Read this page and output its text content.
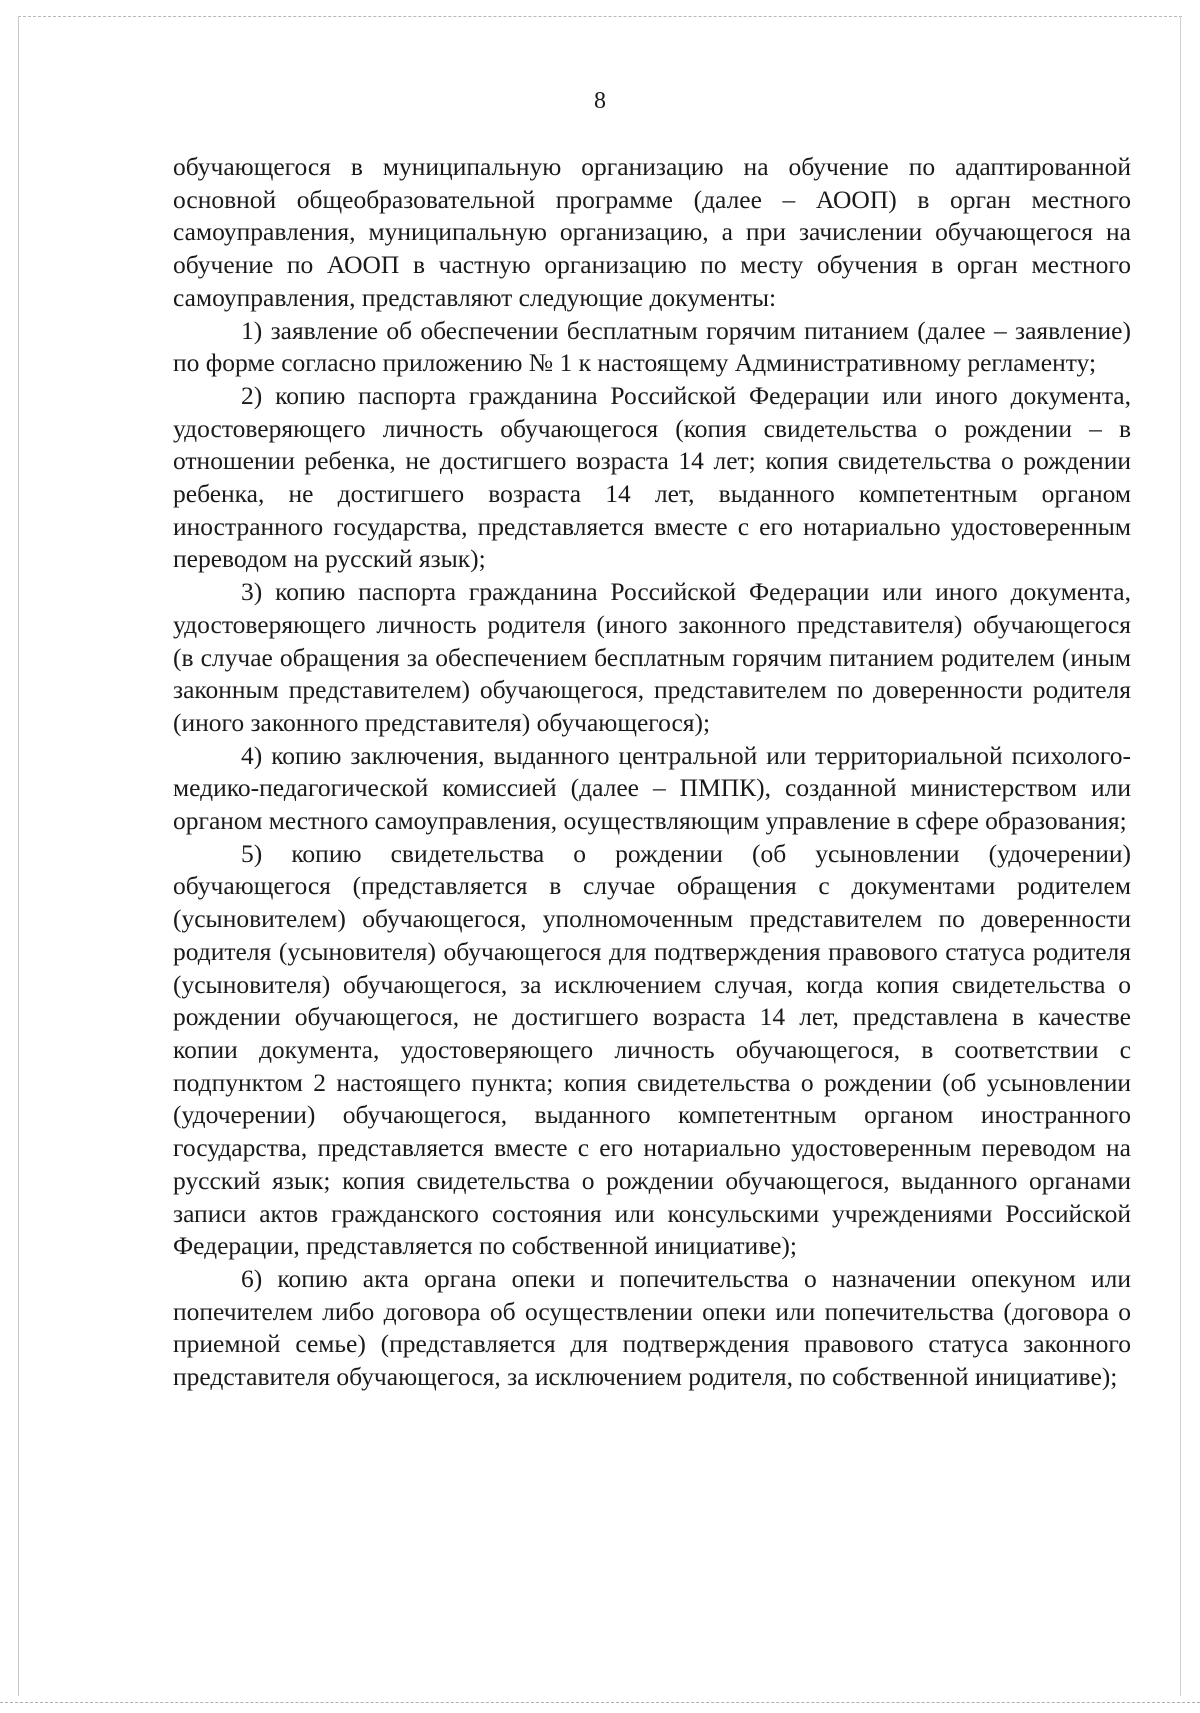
8

обучающегося в муниципальную организацию на обучение по адаптированной основной общеобразовательной программе (далее – АООП) в орган местного самоуправления, муниципальную организацию, а при зачислении обучающегося на обучение по АООП в частную организацию по месту обучения в орган местного самоуправления, представляют следующие документы:

1) заявление об обеспечении бесплатным горячим питанием (далее – заявление) по форме согласно приложению № 1 к настоящему Административному регламенту;

2) копию паспорта гражданина Российской Федерации или иного документа, удостоверяющего личность обучающегося (копия свидетельства о рождении – в отношении ребенка, не достигшего возраста 14 лет; копия свидетельства о рождении ребенка, не достигшего возраста 14 лет, выданного компетентным органом иностранного государства, представляется вместе с его нотариально удостоверенным переводом на русский язык);

3) копию паспорта гражданина Российской Федерации или иного документа, удостоверяющего личность родителя (иного законного представителя) обучающегося (в случае обращения за обеспечением бесплатным горячим питанием родителем (иным законным представителем) обучающегося, представителем по доверенности родителя (иного законного представителя) обучающегося);

4) копию заключения, выданного центральной или территориальной психолого-медико-педагогической комиссией (далее – ПМПК), созданной министерством или органом местного самоуправления, осуществляющим управление в сфере образования;

5) копию свидетельства о рождении (об усыновлении (удочерении) обучающегося (представляется в случае обращения с документами родителем (усыновителем) обучающегося, уполномоченным представителем по доверенности родителя (усыновителя) обучающегося для подтверждения правового статуса родителя (усыновителя) обучающегося, за исключением случая, когда копия свидетельства о рождении обучающегося, не достигшего возраста 14 лет, представлена в качестве копии документа, удостоверяющего личность обучающегося, в соответствии с подпунктом 2 настоящего пункта; копия свидетельства о рождении (об усыновлении (удочерении) обучающегося, выданного компетентным органом иностранного государства, представляется вместе с его нотариально удостоверенным переводом на русский язык; копия свидетельства о рождении обучающегося, выданного органами записи актов гражданского состояния или консульскими учреждениями Российской Федерации, представляется по собственной инициативе);

6) копию акта органа опеки и попечительства о назначении опекуном или попечителем либо договора об осуществлении опеки или попечительства (договора о приемной семье) (представляется для подтверждения правового статуса законного представителя обучающегося, за исключением родителя, по собственной инициативе);
